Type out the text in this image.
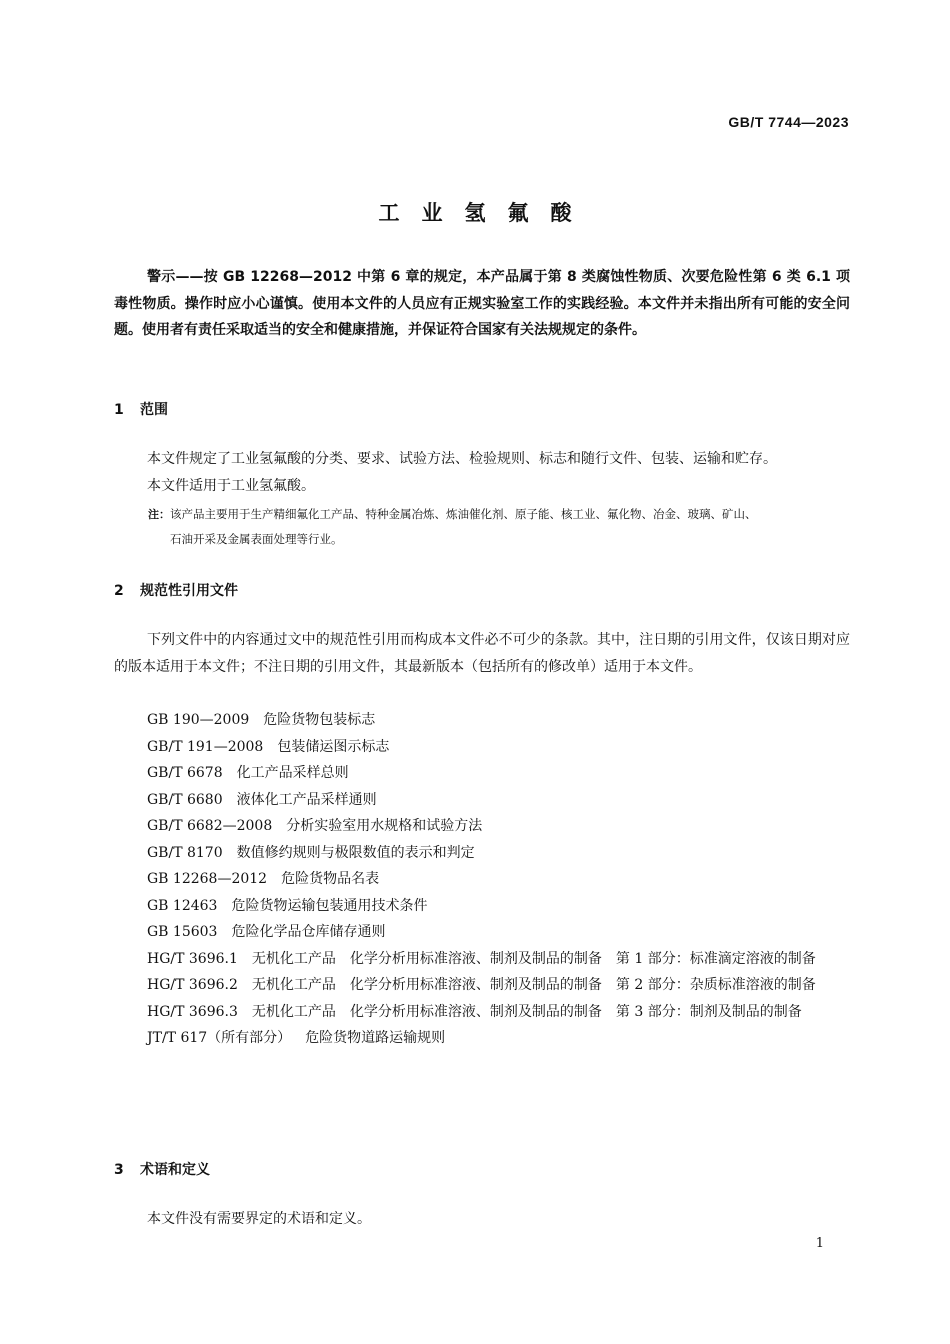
GB/T 7744—2023
工业氢氟酸
警示——按 GB 12268—2012 中第 6 章的规定，本产品属于第 8 类腐蚀性物质、次要危险性第 6 类 6.1 项毒性物质。操作时应小心谨慎。使用本文件的人员应有正规实验室工作的实践经验。本文件并未指出所有可能的安全问题。使用者有责任采取适当的安全和健康措施，并保证符合国家有关法规规定的条件。
1 范围
本文件规定了工业氢氟酸的分类、要求、试验方法、检验规则、标志和随行文件、包装、运输和贮存。
本文件适用于工业氢氟酸。
注：该产品主要用于生产精细氟化工产品、特种金属冶炼、炼油催化剂、原子能、核工业、氟化物、冶金、玻璃、矿山、
石油开采及金属表面处理等行业。
2 规范性引用文件
下列文件中的内容通过文中的规范性引用而构成本文件必不可少的条款。其中，注日期的引用文件，仅该日期对应的版本适用于本文件；不注日期的引用文件，其最新版本（包括所有的修改单）适用于本文件。
GB 190—2009 危险货物包装标志
GB/T 191—2008 包装储运图示标志
GB/T 6678 化工产品采样总则
GB/T 6680 液体化工产品采样通则
GB/T 6682—2008 分析实验室用水规格和试验方法
GB/T 8170 数值修约规则与极限数值的表示和判定
GB 12268—2012 危险货物品名表
GB 12463 危险货物运输包装通用技术条件
GB 15603 危险化学品仓库储存通则
HG/T 3696.1 无机化工产品　化学分析用标准溶液、制剂及制品的制备　第 1 部分：标准滴定溶液的制备
HG/T 3696.2 无机化工产品　化学分析用标准溶液、制剂及制品的制备　第 2 部分：杂质标准溶液的制备
HG/T 3696.3 无机化工产品　化学分析用标准溶液、制剂及制品的制备　第 3 部分：制剂及制品的制备
JT/T 617（所有部分） 危险货物道路运输规则
3 术语和定义
本文件没有需要界定的术语和定义。
1
